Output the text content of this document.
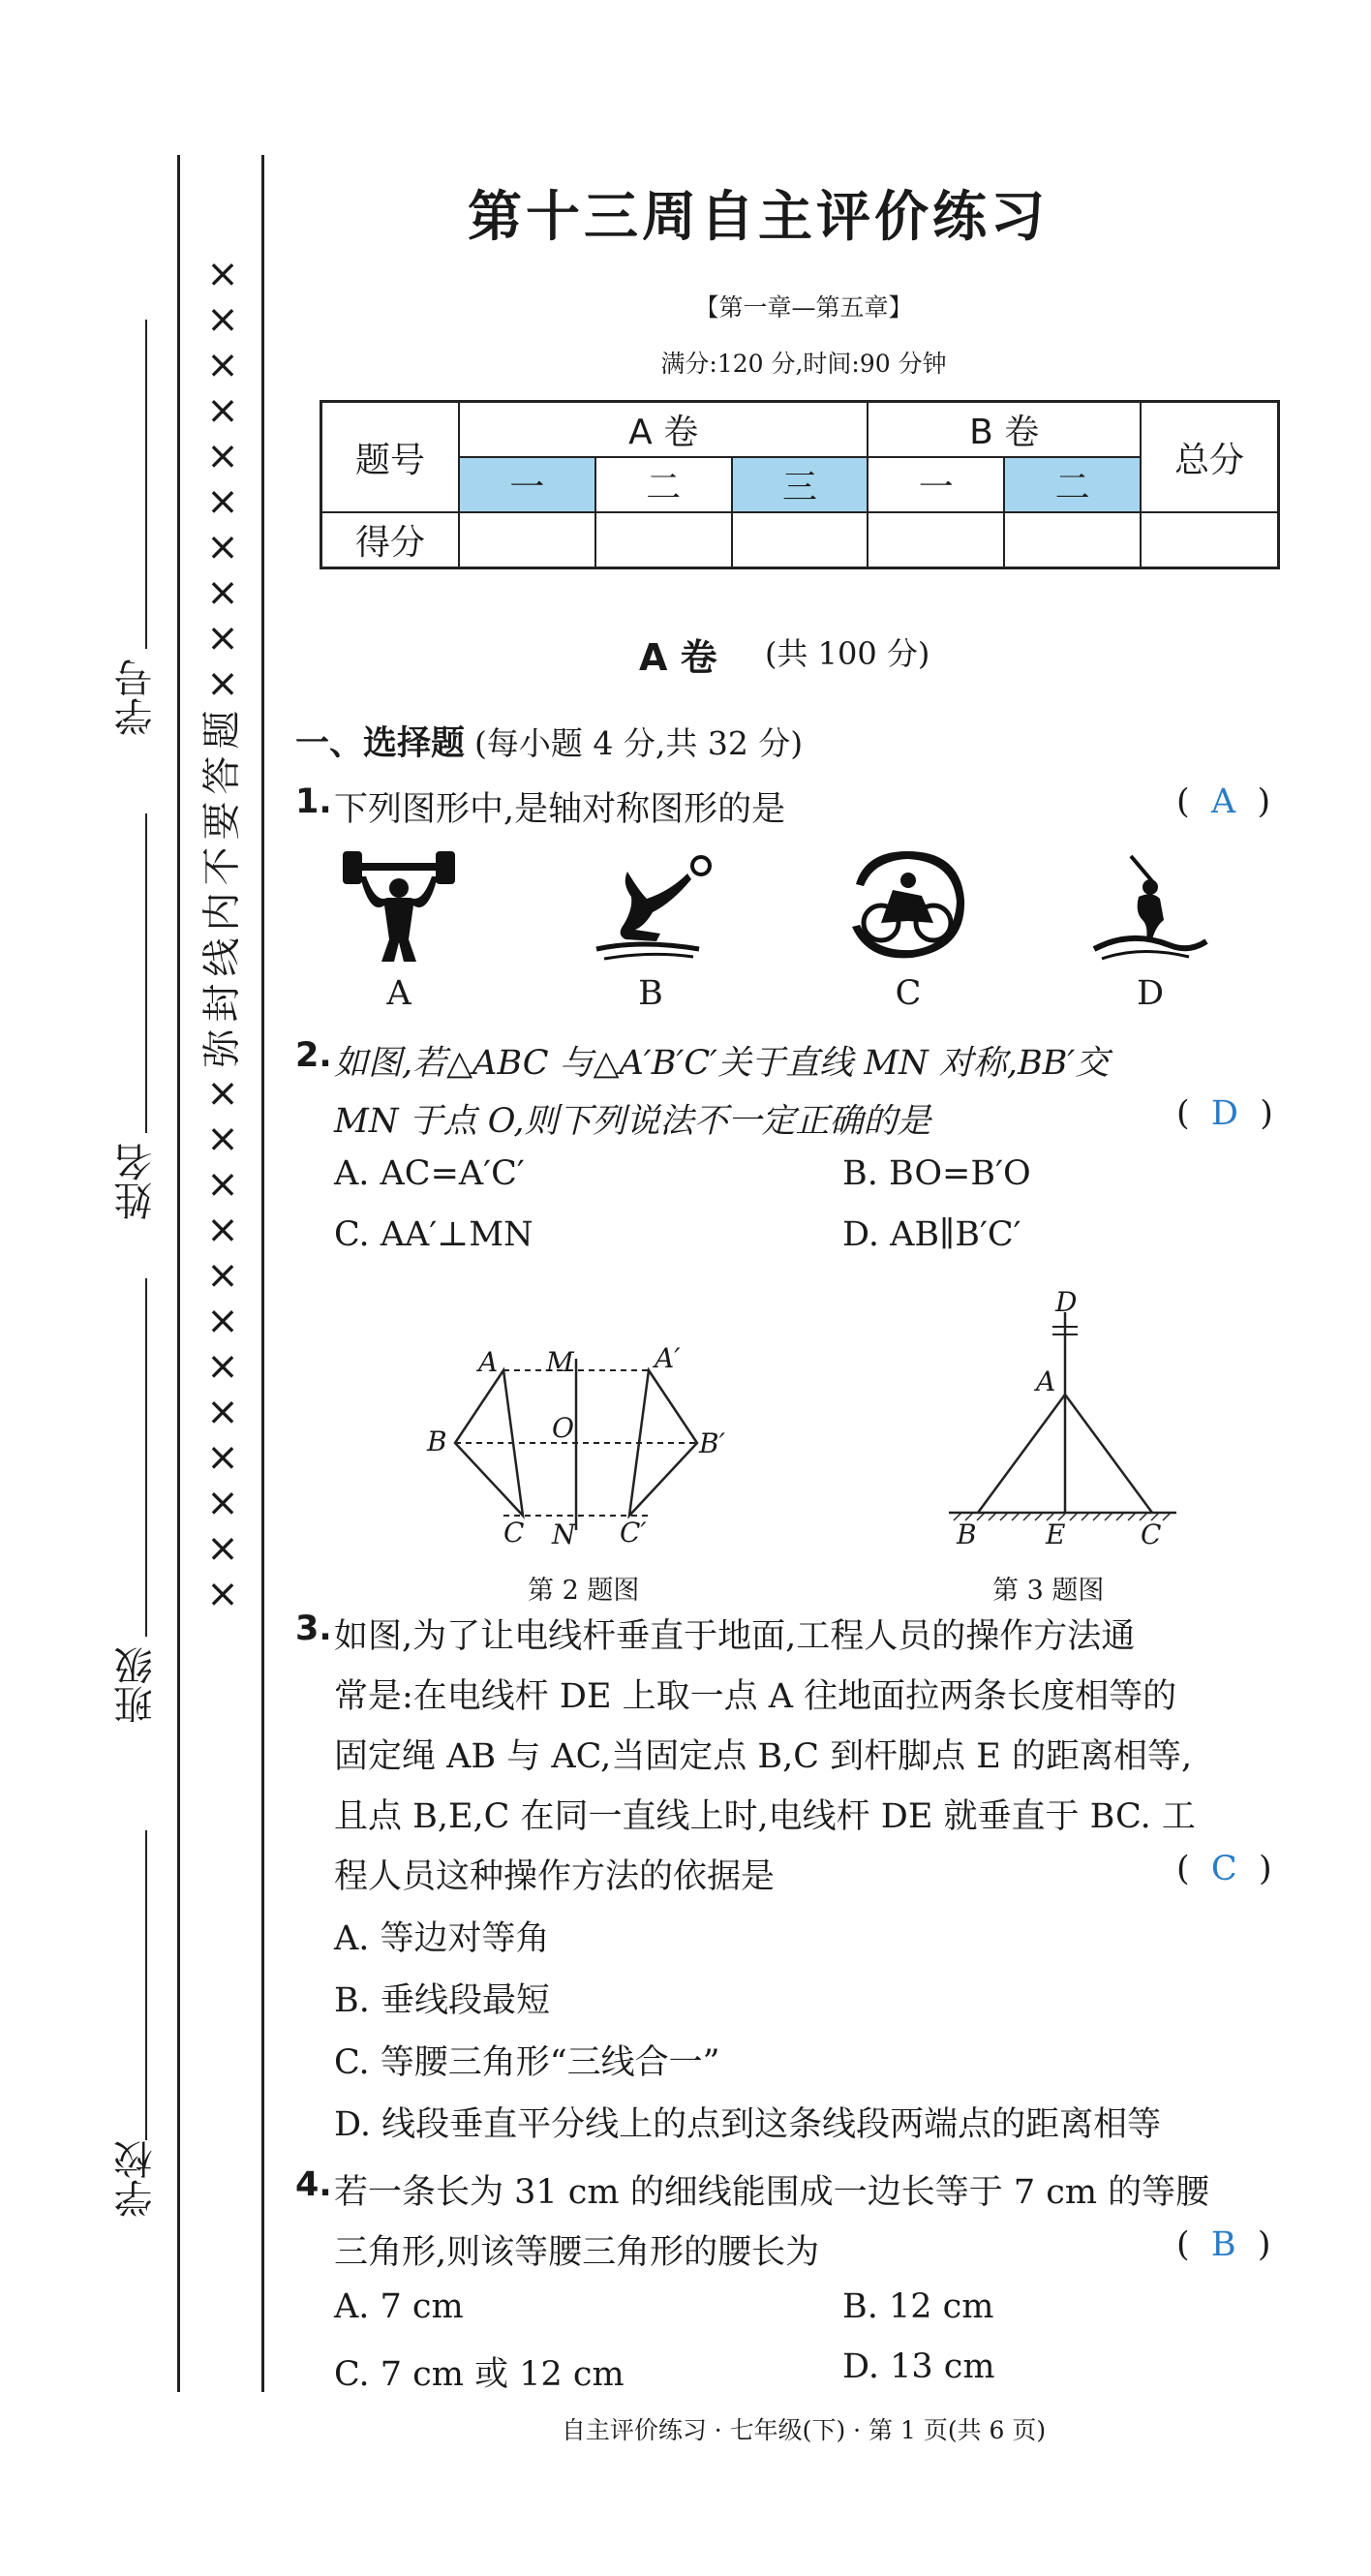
学号
姓名
班级
学校
×
×
×
×
×
×
×
×
×
×
题
答
要
不
内
线
封
弥
×
×
×
×
×
×
×
×
×
×
×
×
第十三周自主评价练习
【第一章—第五章】
满分:120 分,时间:90 分钟
题号	A 卷			B 卷		总分
	一	二	三	一	二	
得分						
A 卷 (共 100 分)
一、选择题 (每小题 4 分,共 32 分)
1. 下列图形中,是轴对称图形的是	(  A  )
A	B	C	D
2. 如图,若△ABC 与△A′B′C′关于直线 MN 对称,BB′交
MN 于点 O,则下列说法不一定正确的是	(  D  )
A. AC=A′C′	B. BO=B′O
C. AA′⊥MN	D. AB∥B′C′
A M	A′
B	O	B′
C N C′
第 2 题图
D
A
B	E	C
第 3 题图
3. 如图,为了让电线杆垂直于地面,工程人员的操作方法通
常是:在电线杆 DE 上取一点 A 往地面拉两条长度相等的
固定绳 AB 与 AC,当固定点 B,C 到杆脚点 E 的距离相等,
且点 B,E,C 在同一直线上时,电线杆 DE 就垂直于 BC. 工
程人员这种操作方法的依据是	(  C  )
A. 等边对等角
B. 垂线段最短
C. 等腰三角形“三线合一”
D. 线段垂直平分线上的点到这条线段两端点的距离相等
4. 若一条长为 31 cm 的细线能围成一边长等于 7 cm 的等腰
三角形,则该等腰三角形的腰长为	(  B  )
A. 7 cm	B. 12 cm
C. 7 cm 或 12 cm	D. 13 cm
自主评价练习 · 七年级(下) · 第 1 页(共 6 页)
